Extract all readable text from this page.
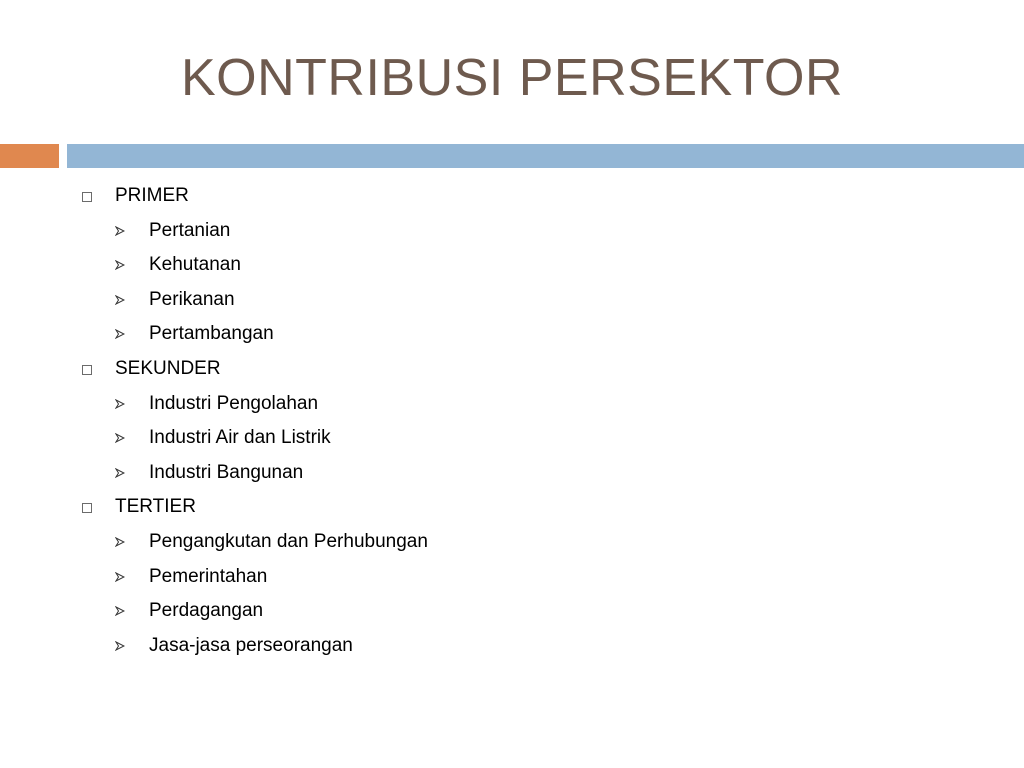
KONTRIBUSI PERSEKTOR
PRIMER
Pertanian
Kehutanan
Perikanan
Pertambangan
SEKUNDER
Industri Pengolahan
Industri Air dan Listrik
Industri Bangunan
TERTIER
Pengangkutan dan Perhubungan
Pemerintahan
Perdagangan
Jasa-jasa perseorangan
